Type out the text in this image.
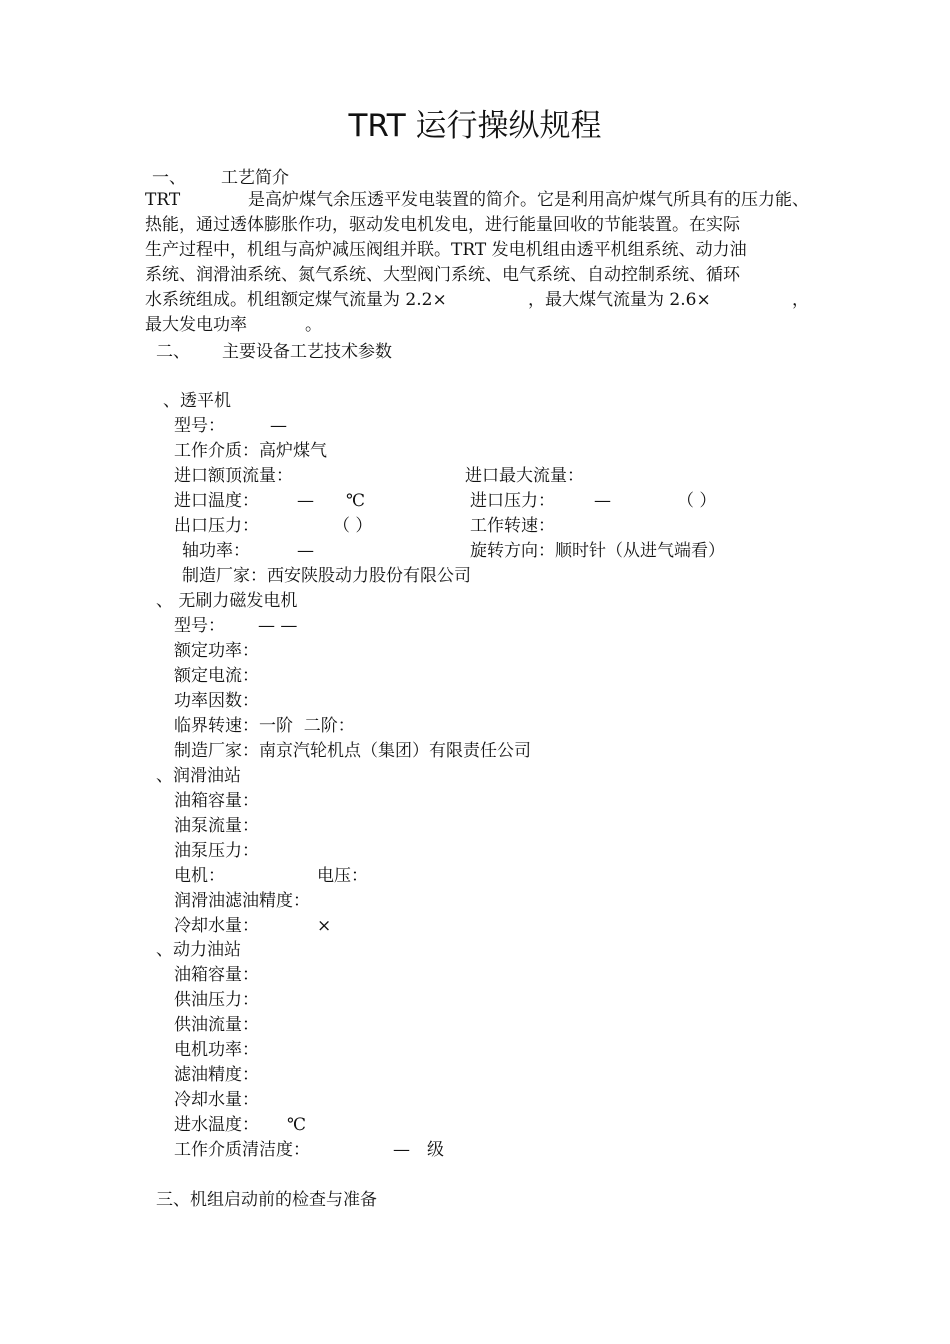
TRT 运行操纵规程
一、 工艺简介
TRT	是高炉煤气余压透平发电装置的简介。它是利用高炉煤气所具有的压力能、
热能，通过透体膨胀作功，驱动发电机发电，进行能量回收的节能装置。在实际
生产过程中，机组与高炉减压阀组并联。TRT 发电机组由透平机组系统、动力油
系统、润滑油系统、氮气系统、大型阀门系统、电气系统、自动控制系统、循环
水系统组成。机组额定煤气流量为 2.2×	，最大煤气流量为 2.6×	，
最大发电功率	。
二、 主要设备工艺技术参数
、透平机
型号：	—
工作介质：高炉煤气
进口额顶流量：	进口最大流量：
进口温度： — ℃	进口压力： —	（ ）
出口压力：	（ ）	工作转速：
轴功率：	—	旋转方向：顺时针（从进气端看）
制造厂家：西安陕股动力股份有限公司
、 无刷力磁发电机
型号： — —
额定功率：
额定电流：
功率因数：
临界转速：一阶  二阶：
制造厂家：南京汽轮机点（集团）有限责任公司
、润滑油站
油箱容量：
油泵流量：
油泵压力：
电机：	电压：
润滑油滤油精度：
冷却水量：	×
、动力油站
油箱容量：
供油压力：
供油流量：
电机功率：
滤油精度：
冷却水量：
进水温度： ℃
工作介质清洁度：	— 级
三、机组启动前的检查与准备
